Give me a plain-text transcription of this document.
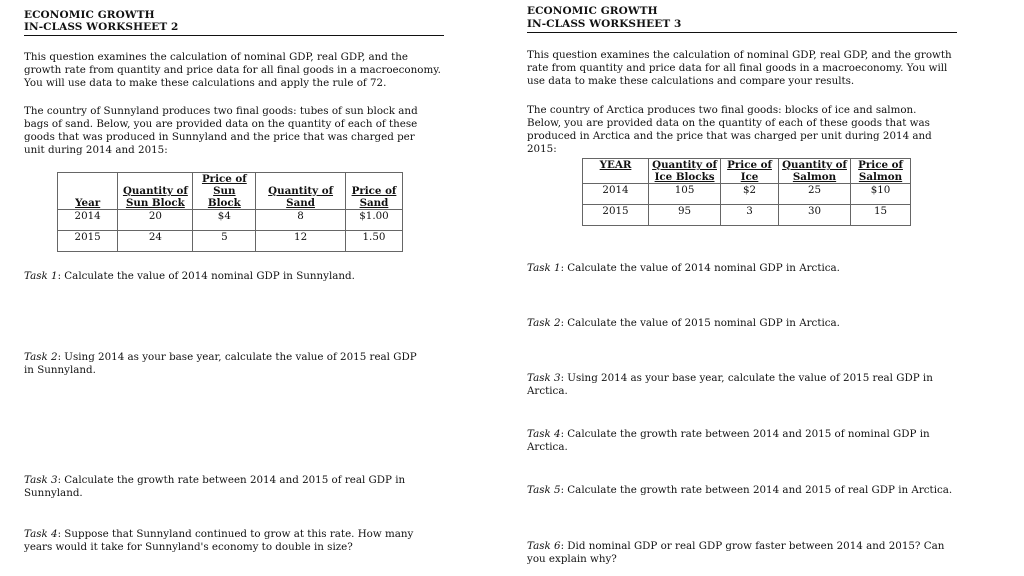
ECONOMIC GROWTH
IN-CLASS WORKSHEET 2

This question examines the calculation of nominal GDP, real GDP, and the growth rate from quantity and price data for all final goods in a macroeconomy. You will use data to make these calculations and apply the rule of 72.

The country of Sunnyland produces two final goods: tubes of sun block and bags of sand. Below, you are provided data on the quantity of each of these goods that was produced in Sunnyland and the price that was charged per unit during 2014 and 2015:

Year	Quantity of Sun Block	Price of Sun Block	Quantity of Sand	Price of Sand
2014	20	$4	8	$1.00
2015	24	5	12	1.50

Task 1: Calculate the value of 2014 nominal GDP in Sunnyland.

Task 2: Using 2014 as your base year, calculate the value of 2015 real GDP in Sunnyland.

Task 3: Calculate the growth rate between 2014 and 2015 of real GDP in Sunnyland.

Task 4: Suppose that Sunnyland continued to grow at this rate. How many years would it take for Sunnyland's economy to double in size?

ECONOMIC GROWTH
IN-CLASS WORKSHEET 3

This question examines the calculation of nominal GDP, real GDP, and the growth rate from quantity and price data for all final goods in a macroeconomy. You will use data to make these calculations and compare your results.

The country of Arctica produces two final goods: blocks of ice and salmon. Below, you are provided data on the quantity of each of these goods that was produced in Arctica and the price that was charged per unit during 2014 and 2015:

YEAR	Quantity of Ice Blocks	Price of Ice	Quantity of Salmon	Price of Salmon
2014	105	$2	25	$10
2015	95	3	30	15

Task 1: Calculate the value of 2014 nominal GDP in Arctica.

Task 2: Calculate the value of 2015 nominal GDP in Arctica.

Task 3: Using 2014 as your base year, calculate the value of 2015 real GDP in Arctica.

Task 4: Calculate the growth rate between 2014 and 2015 of nominal GDP in Arctica.

Task 5: Calculate the growth rate between 2014 and 2015 of real GDP in Arctica.

Task 6: Did nominal GDP or real GDP grow faster between 2014 and 2015? Can you explain why?
